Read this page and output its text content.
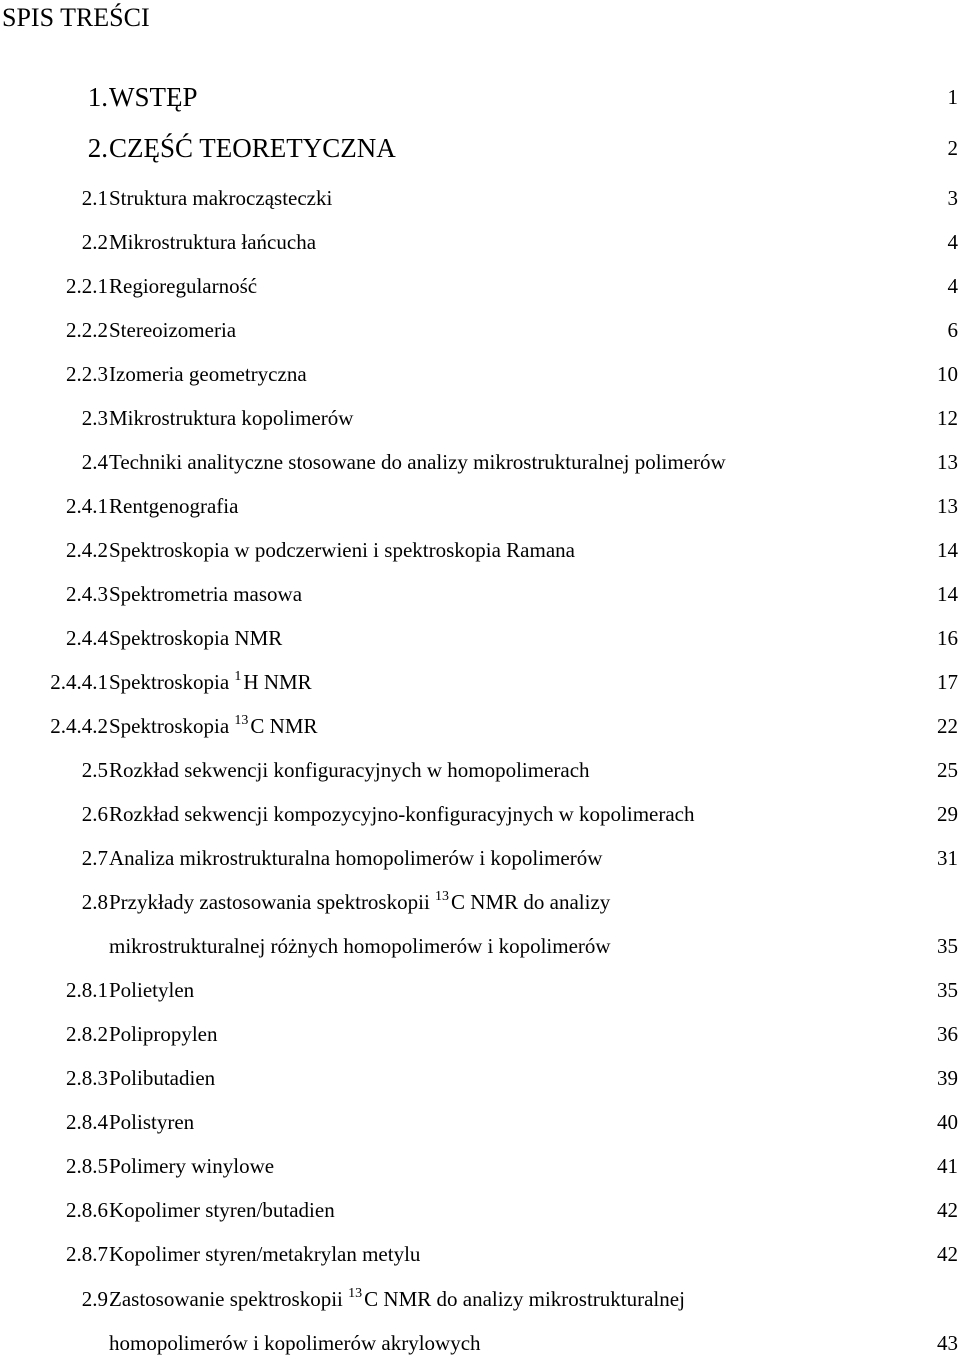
SPIS TREŚCI
1. WSTĘP	1
2. CZĘŚĆ TEORETYCZNA	2
2.1 Struktura makrocząsteczki	3
2.2 Mikrostruktura łańcucha	4
2.2.1 Regioregularność	4
2.2.2 Stereoizomeria	6
2.2.3 Izomeria geometryczna	10
2.3 Mikrostruktura kopolimerów	12
2.4 Techniki analityczne stosowane do analizy mikrostrukturalnej polimerów	13
2.4.1 Rentgenografia	13
2.4.2 Spektroskopia w podczerwieni i spektroskopia Ramana	14
2.4.3 Spektrometria masowa	14
2.4.4 Spektroskopia NMR	16
2.4.4.1 Spektroskopia $^1$H NMR	17
2.4.4.2 Spektroskopia $^{13}$C NMR	22
2.5 Rozkład sekwencji konfiguracyjnych w homopolimerach	25
2.6 Rozkład sekwencji kompozycyjno-konfiguracyjnych w kopolimerach	29
2.7 Analiza mikrostrukturalna homopolimerów i kopolimerów	31
2.8 Przykłady zastosowania spektroskopii $^{13}$C NMR do analizy
mikrostrukturalnej różnych homopolimerów i kopolimerów	35
2.8.1 Polietylen	35
2.8.2 Polipropylen	36
2.8.3 Polibutadien	39
2.8.4 Polistyren	40
2.8.5 Polimery winylowe	41
2.8.6 Kopolimer styren/butadien	42
2.8.7 Kopolimer styren/metakrylan metylu	42
2.9 Zastosowanie spektroskopii $^{13}$C NMR do analizy mikrostrukturalnej
homopolimerów i kopolimerów akrylowych	43
